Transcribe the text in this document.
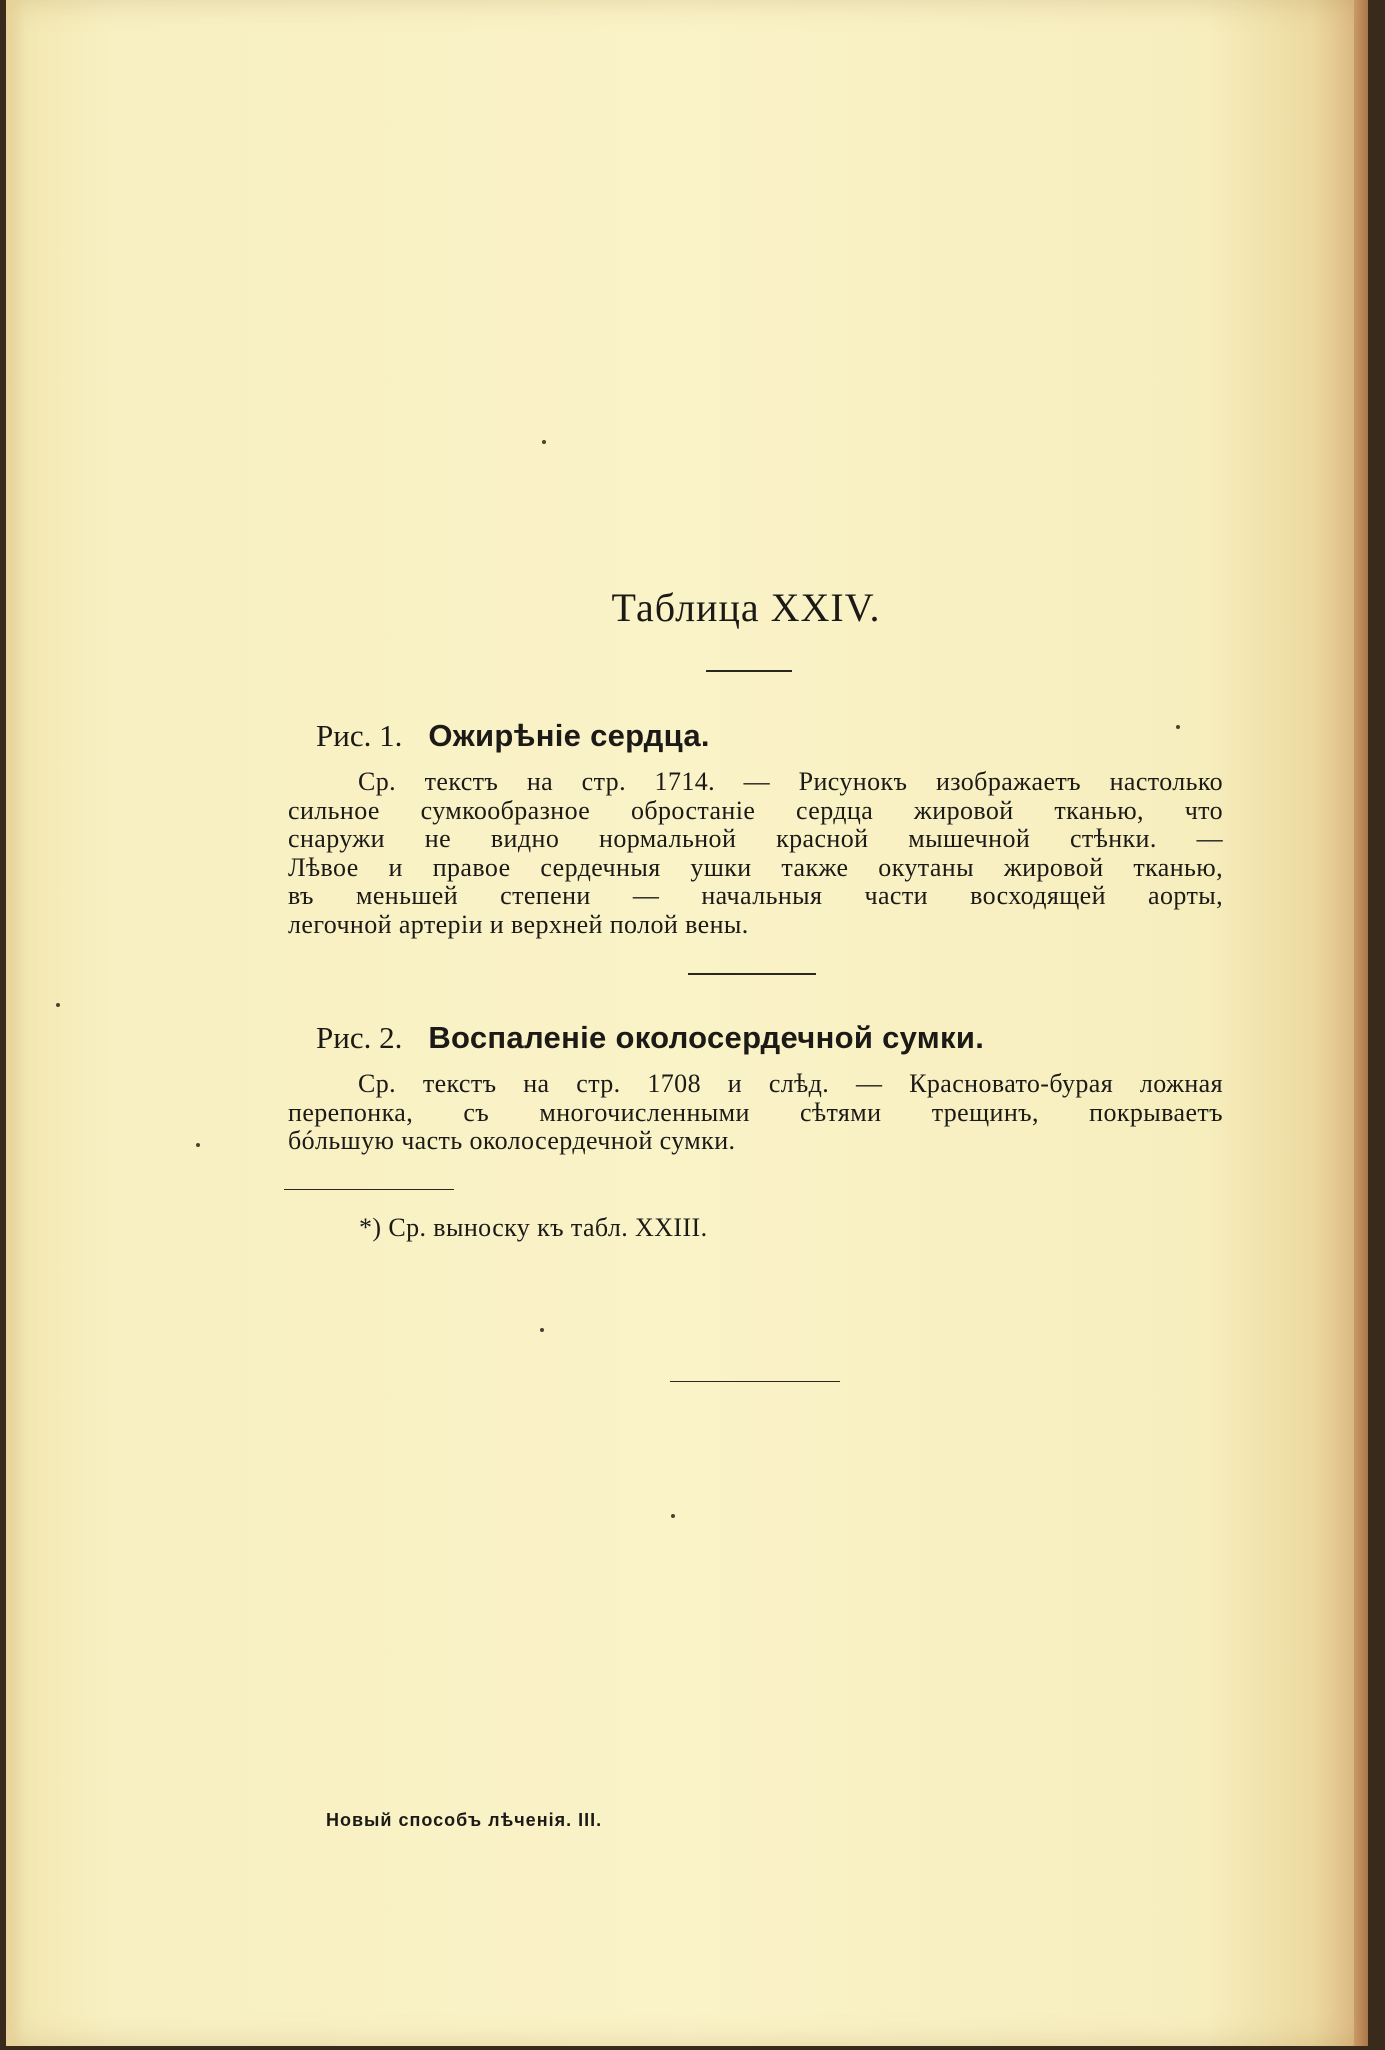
Таблица XXIV.
Рис. 1. Ожирѣніе сердца.
Ср. текстъ на стр. 1714. — Рисунокъ изображаетъ настолько
сильное сумкообразное обростаніе сердца жировой тканью, что
снаружи не видно нормальной красной мышечной стѣнки. —
Лѣвое и правое сердечныя ушки также окутаны жировой тканью,
въ меньшей степени — начальныя части восходящей аорты,
легочной артеріи и верхней полой вены.
Рис. 2. Воспаленіе околосердечной сумки.
Ср. текстъ на стр. 1708 и слѣд. — Красновато-бурая ложная
перепонка, съ многочисленными сѣтями трещинъ, покрываетъ
бóльшую часть околосердечной сумки.
*) Ср. выноску къ табл. XXIII.
Новый способъ лѣченія. III.
